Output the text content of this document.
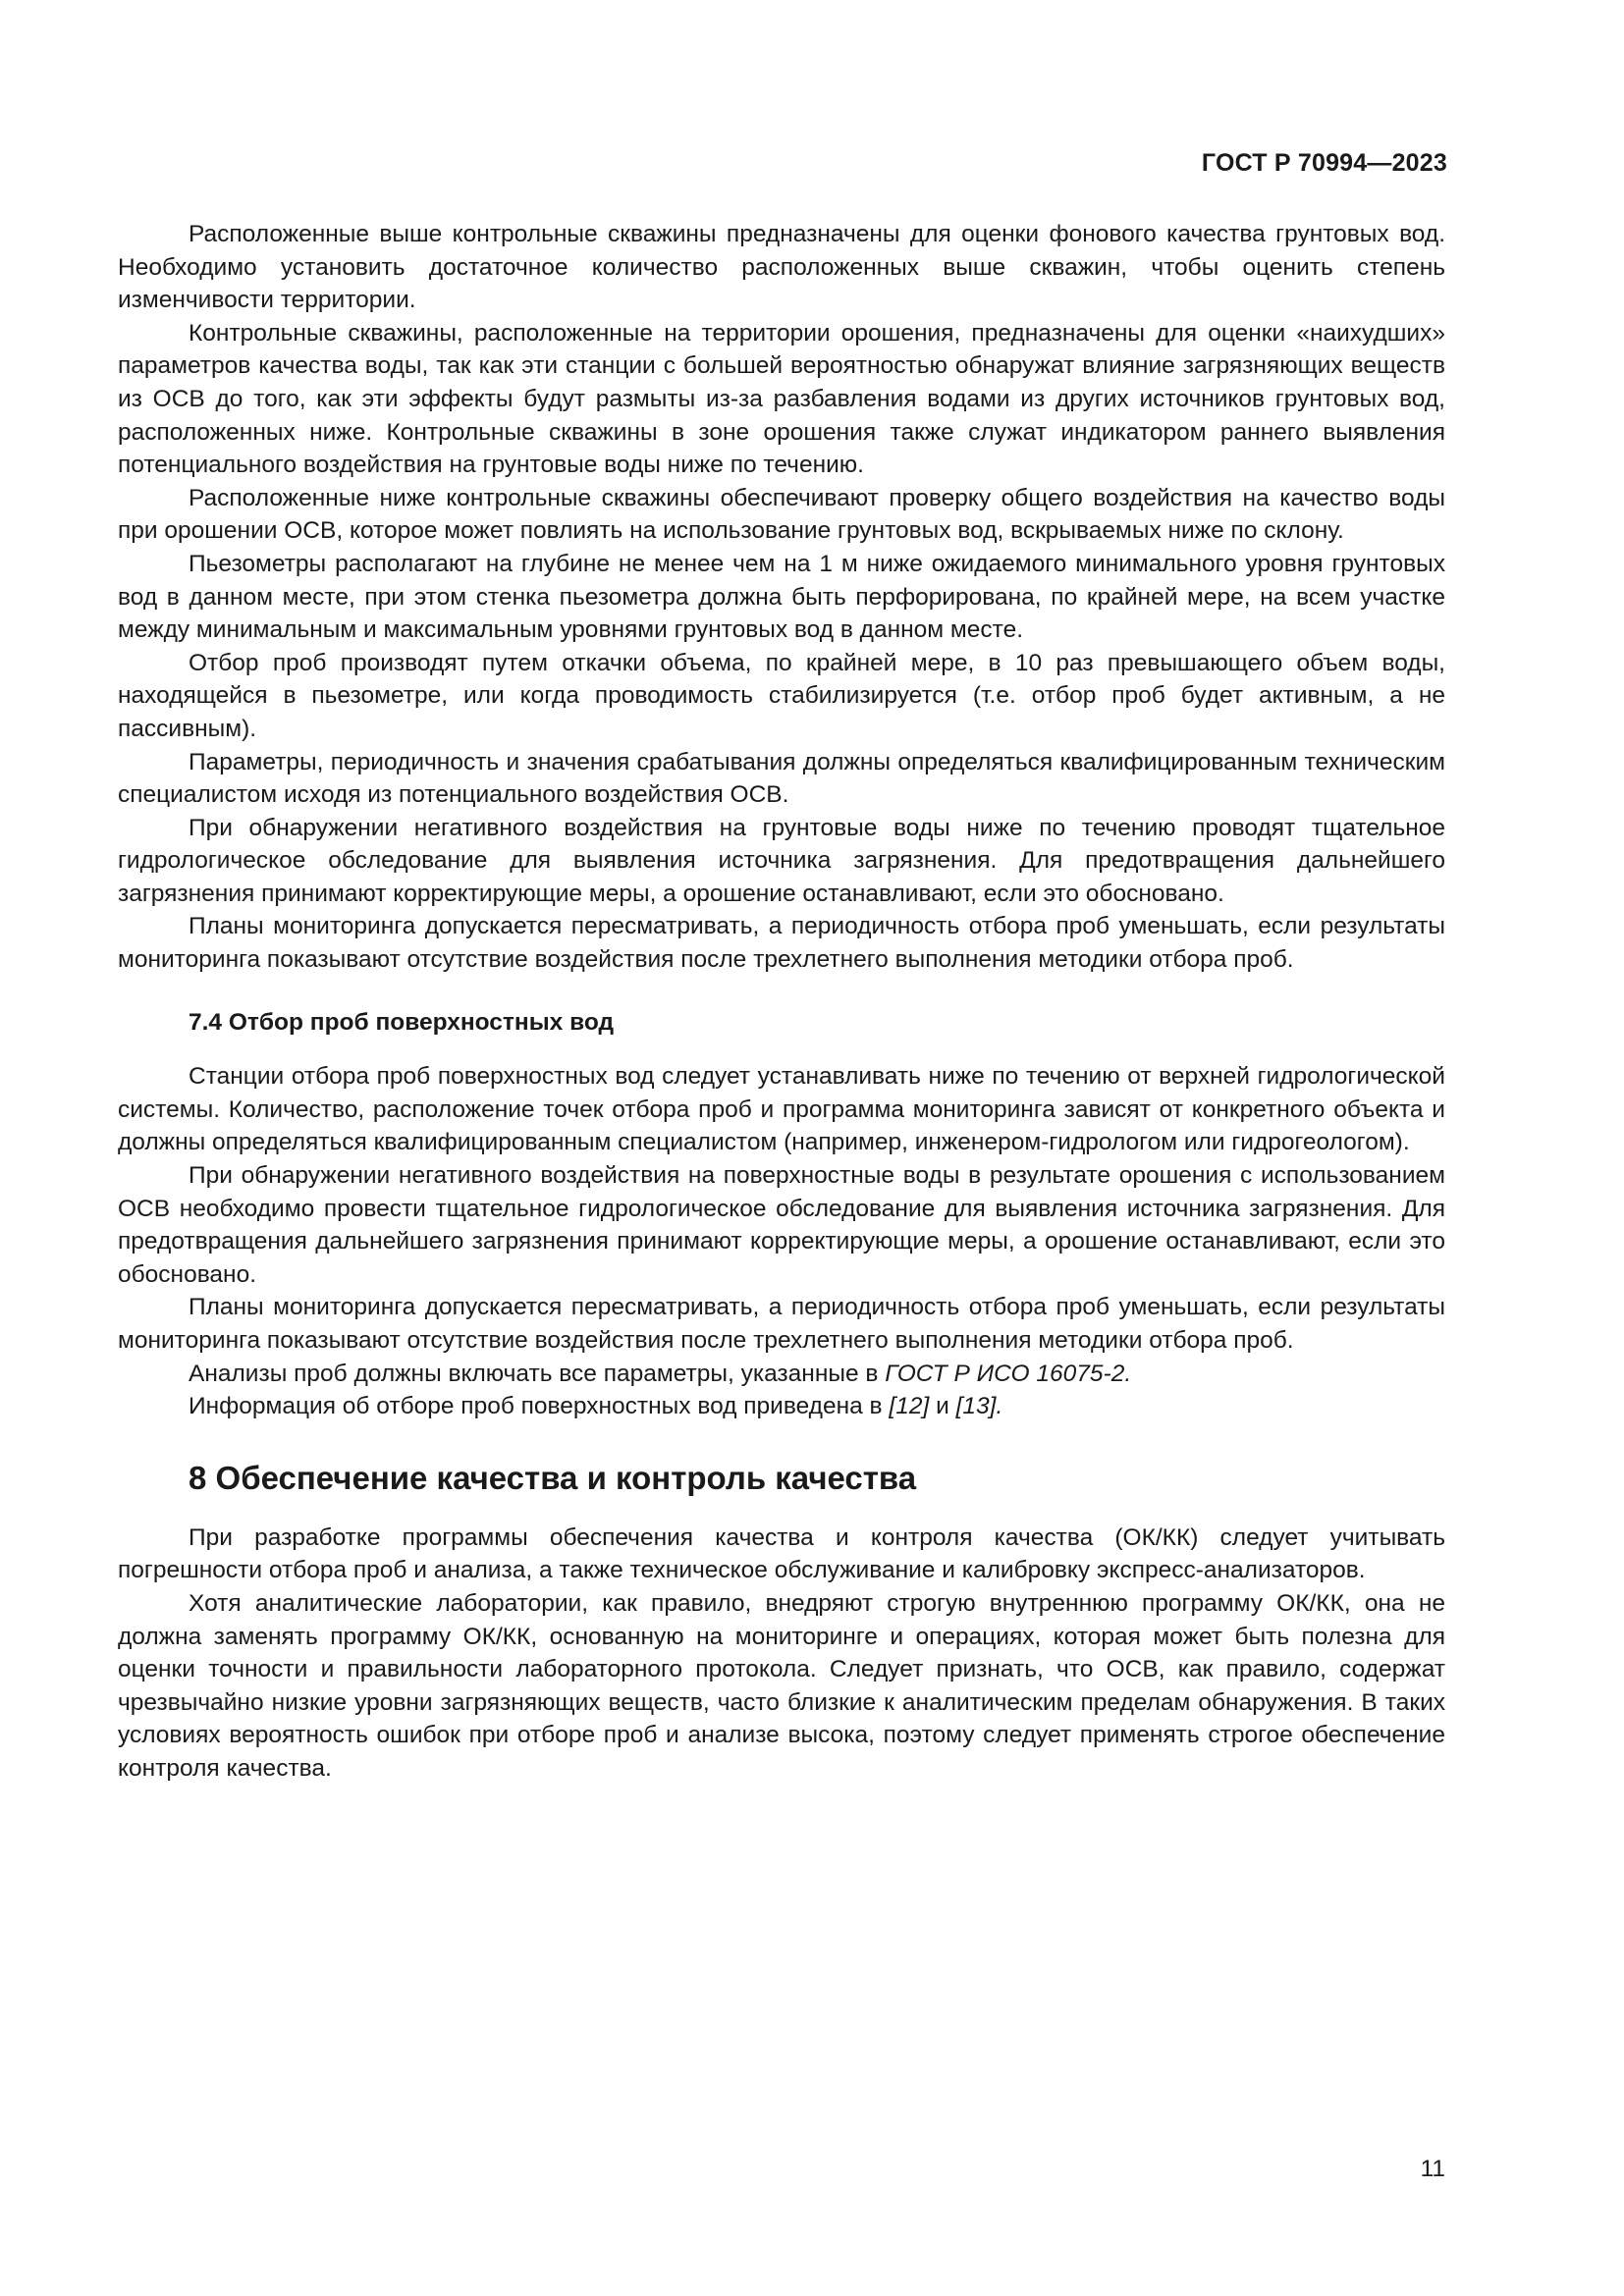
ГОСТ Р 70994—2023

Расположенные выше контрольные скважины предназначены для оценки фонового качества грунтовых вод. Необходимо установить достаточное количество расположенных выше скважин, чтобы оценить степень изменчивости территории.

Контрольные скважины, расположенные на территории орошения, предназначены для оценки «наихудших» параметров качества воды, так как эти станции с большей вероятностью обнаружат влияние загрязняющих веществ из ОСВ до того, как эти эффекты будут размыты из-за разбавления водами из других источников грунтовых вод, расположенных ниже. Контрольные скважины в зоне орошения также служат индикатором раннего выявления потенциального воздействия на грунтовые воды ниже по течению.

Расположенные ниже контрольные скважины обеспечивают проверку общего воздействия на качество воды при орошении ОСВ, которое может повлиять на использование грунтовых вод, вскрываемых ниже по склону.

Пьезометры располагают на глубине не менее чем на 1 м ниже ожидаемого минимального уровня грунтовых вод в данном месте, при этом стенка пьезометра должна быть перфорирована, по крайней мере, на всем участке между минимальным и максимальным уровнями грунтовых вод в данном месте.

Отбор проб производят путем откачки объема, по крайней мере, в 10 раз превышающего объем воды, находящейся в пьезометре, или когда проводимость стабилизируется (т.е. отбор проб будет активным, а не пассивным).

Параметры, периодичность и значения срабатывания должны определяться квалифицированным техническим специалистом исходя из потенциального воздействия ОСВ.

При обнаружении негативного воздействия на грунтовые воды ниже по течению проводят тщательное гидрологическое обследование для выявления источника загрязнения. Для предотвращения дальнейшего загрязнения принимают корректирующие меры, а орошение останавливают, если это обосновано.

Планы мониторинга допускается пересматривать, а периодичность отбора проб уменьшать, если результаты мониторинга показывают отсутствие воздействия после трехлетнего выполнения методики отбора проб.

7.4 Отбор проб поверхностных вод

Станции отбора проб поверхностных вод следует устанавливать ниже по течению от верхней гидрологической системы. Количество, расположение точек отбора проб и программа мониторинга зависят от конкретного объекта и должны определяться квалифицированным специалистом (например, инженером-гидрологом или гидрогеологом).

При обнаружении негативного воздействия на поверхностные воды в результате орошения с использованием ОСВ необходимо провести тщательное гидрологическое обследование для выявления источника загрязнения. Для предотвращения дальнейшего загрязнения принимают корректирующие меры, а орошение останавливают, если это обосновано.

Планы мониторинга допускается пересматривать, а периодичность отбора проб уменьшать, если результаты мониторинга показывают отсутствие воздействия после трехлетнего выполнения методики отбора проб.

Анализы проб должны включать все параметры, указанные в ГОСТ Р ИСО 16075-2.

Информация об отборе проб поверхностных вод приведена в [12] и [13].

8 Обеспечение качества и контроль качества

При разработке программы обеспечения качества и контроля качества (ОК/КК) следует учитывать погрешности отбора проб и анализа, а также техническое обслуживание и калибровку экспресс-анализаторов.

Хотя аналитические лаборатории, как правило, внедряют строгую внутреннюю программу ОК/КК, она не должна заменять программу ОК/КК, основанную на мониторинге и операциях, которая может быть полезна для оценки точности и правильности лабораторного протокола. Следует признать, что ОСВ, как правило, содержат чрезвычайно низкие уровни загрязняющих веществ, часто близкие к аналитическим пределам обнаружения. В таких условиях вероятность ошибок при отборе проб и анализе высока, поэтому следует применять строгое обеспечение контроля качества.

11
